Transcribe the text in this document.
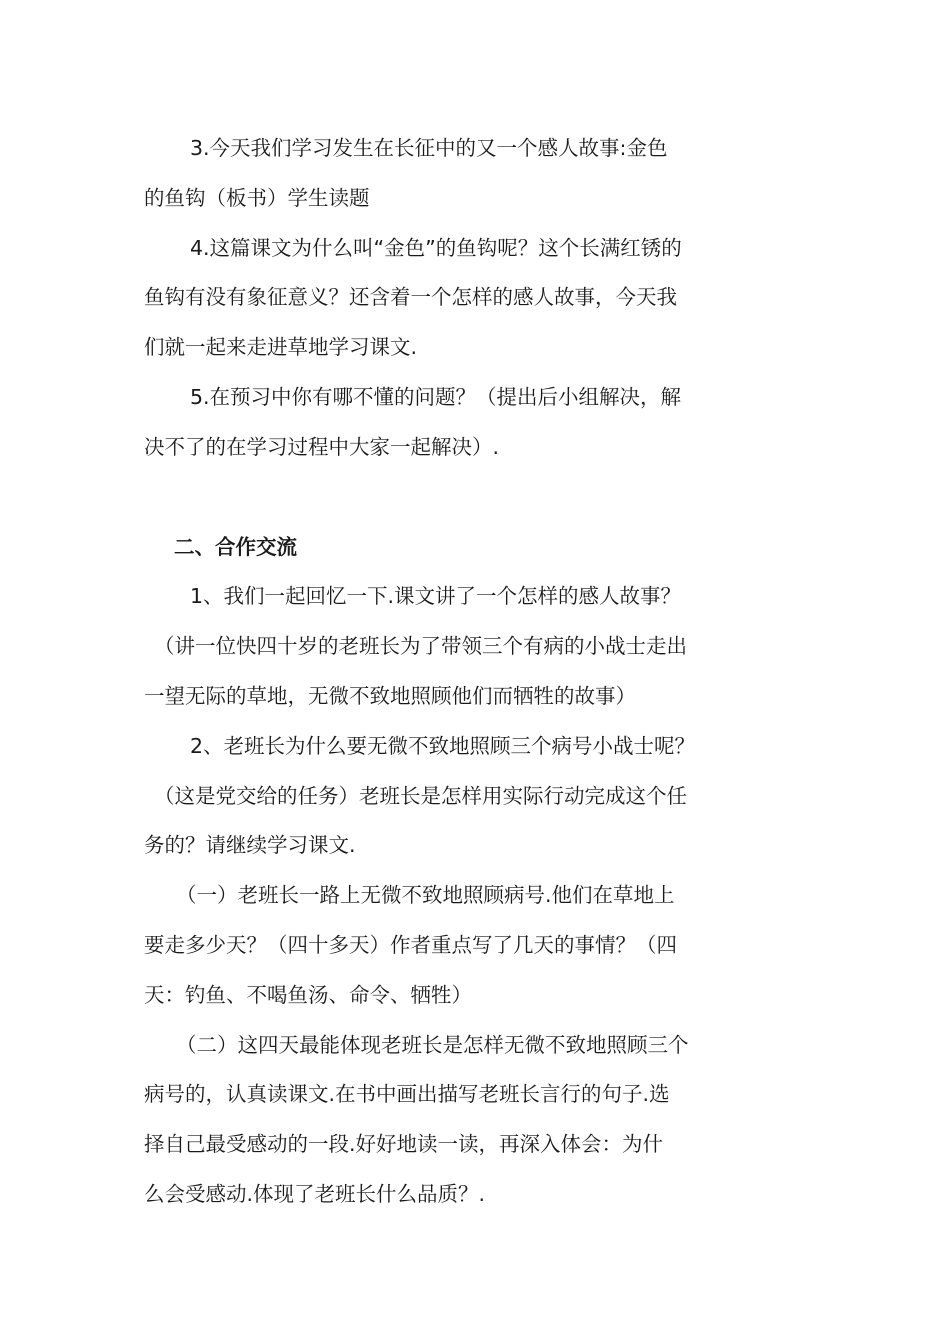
3.今天我们学习发生在长征中的又一个感人故事:金色
的鱼钩（板书）学生读题
4.这篇课文为什么叫“金色”的鱼钩呢？这个长满红锈的
鱼钩有没有象征意义？还含着一个怎样的感人故事，今天我
们就一起来走进草地学习课文.
5.在预习中你有哪不懂的问题？（提出后小组解决，解
决不了的在学习过程中大家一起解决）.
二、合作交流
1、我们一起回忆一下.课文讲了一个怎样的感人故事？
（讲一位快四十岁的老班长为了带领三个有病的小战士走出
一望无际的草地，无微不致地照顾他们而牺牲的故事）
2、老班长为什么要无微不致地照顾三个病号小战士呢？
（这是党交给的任务）老班长是怎样用实际行动完成这个任
务的？请继续学习课文.
（一）老班长一路上无微不致地照顾病号.他们在草地上
要走多少天？（四十多天）作者重点写了几天的事情？（四
天：钓鱼、不喝鱼汤、命令、牺牲）
（二）这四天最能体现老班长是怎样无微不致地照顾三个
病号的，认真读课文.在书中画出描写老班长言行的句子.选
择自己最受感动的一段.好好地读一读，再深入体会：为什
么会受感动.体现了老班长什么品质？.
